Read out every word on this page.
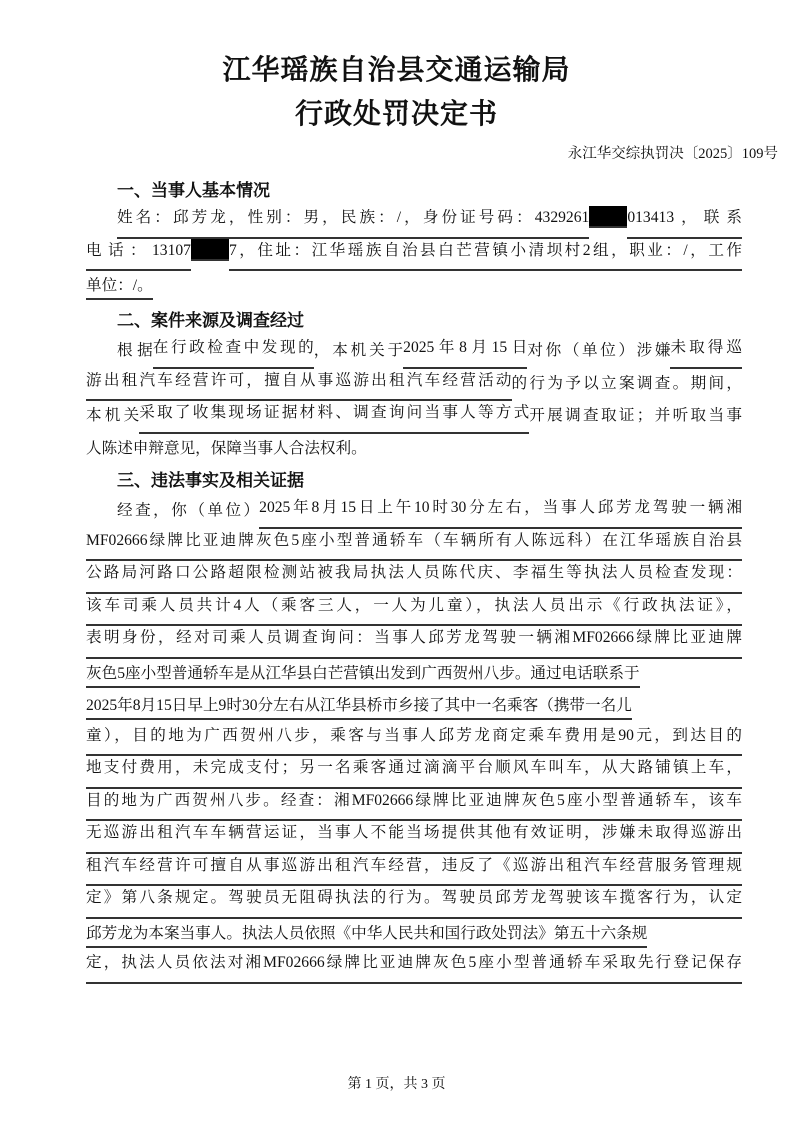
江华瑶族自治县交通运输局
行政处罚决定书
永江华交综执罚决〔2025〕109号
一、当事人基本情况
姓名：邱芳龙，性别：男，民族：/，身份证号码：4329261 013413，联系
电话：13107 7，住址：江华瑶族自治县白芒营镇小清坝村2组，职业：/，工作
单位：/。
二、案件来源及调查经过
根据 在行政检查中发现的 ，本机关于 2025年8月15日 对你（单位）涉嫌 未取得巡
游出租汽车经营许可，擅自从事巡游出租汽车经营活动 的行为予以立案调查。期间，
本机关 采取了收集现场证据材料、调查询问当事人等方式 开展调查取证；并听取当事
人陈述申辩意见，保障当事人合法权利。
三、违法事实及相关证据
经查，你（单位） 2025年8月15日上午10时30分左右，当事人邱芳龙驾驶一辆湘
MF02666绿牌比亚迪牌灰色5座小型普通轿车（车辆所有人陈远科）在江华瑶族自治县
公路局河路口公路超限检测站被我局执法人员陈代庆、李福生等执法人员检查发现：
该车司乘人员共计4人（乘客三人，一人为儿童），执法人员出示《行政执法证》，
表明身份，经对司乘人员调查询问：当事人邱芳龙驾驶一辆湘MF02666绿牌比亚迪牌
灰色5座小型普通轿车是从江华县白芒营镇出发到广西贺州八步。通过电话联系于
2025年8月15日早上9时30分左右从江华县桥市乡接了其中一名乘客（携带一名儿
童），目的地为广西贺州八步，乘客与当事人邱芳龙商定乘车费用是90元，到达目的
地支付费用，未完成支付；另一名乘客通过滴滴平台顺风车叫车，从大路铺镇上车，
目的地为广西贺州八步。经查：湘MF02666绿牌比亚迪牌灰色5座小型普通轿车，该车
无巡游出租汽车车辆营运证，当事人不能当场提供其他有效证明，涉嫌未取得巡游出
租汽车经营许可擅自从事巡游出租汽车经营，违反了《巡游出租汽车经营服务管理规
定》第八条规定。驾驶员无阻碍执法的行为。驾驶员邱芳龙驾驶该车揽客行为，认定
邱芳龙为本案当事人。执法人员依照《中华人民共和国行政处罚法》第五十六条规
定，执法人员依法对湘MF02666绿牌比亚迪牌灰色5座小型普通轿车采取先行登记保存
第 1 页，共 3 页
